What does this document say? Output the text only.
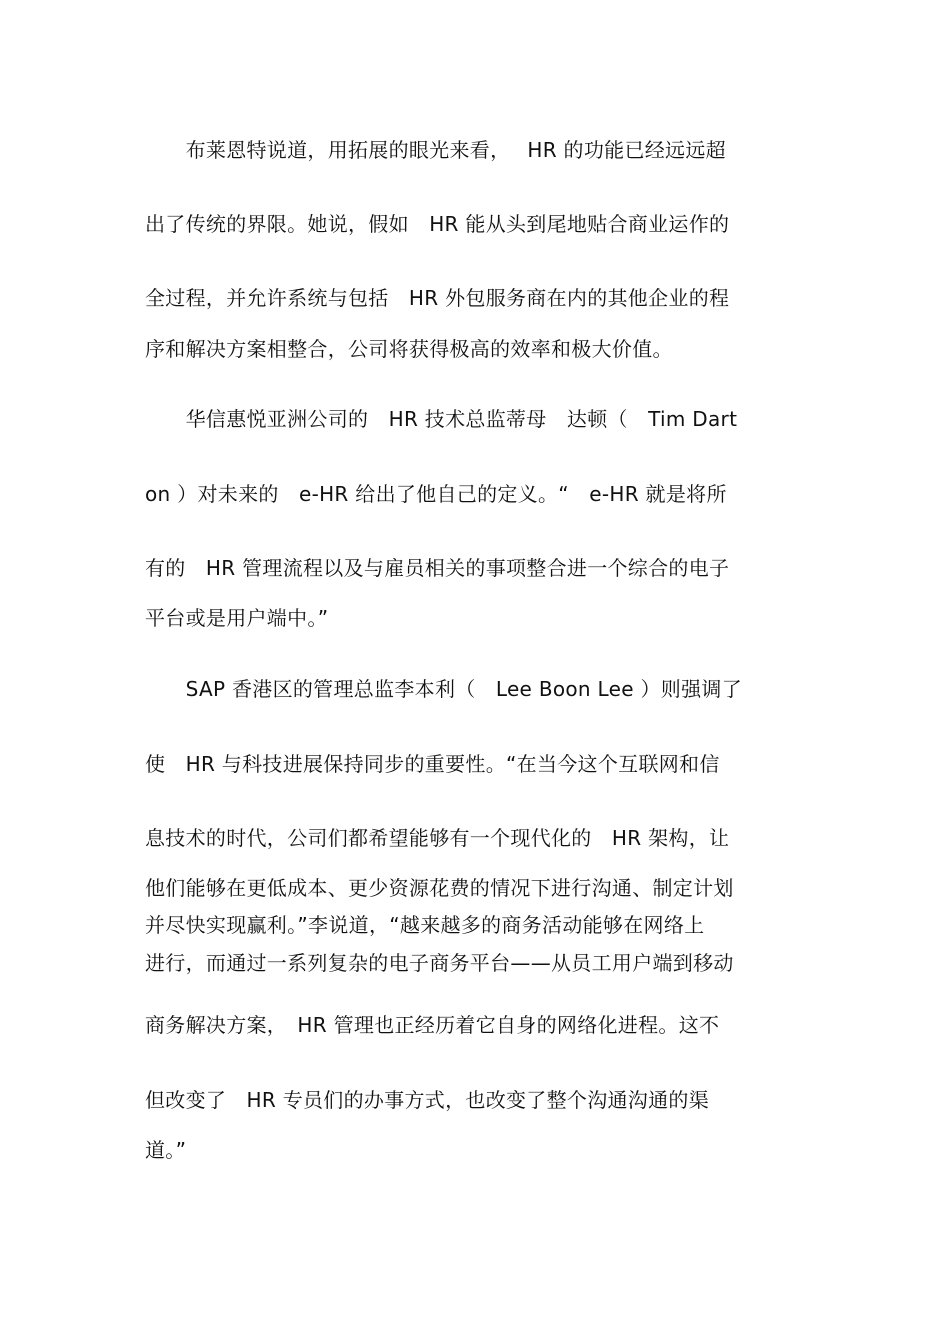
　　布莱恩特说道，用拓展的眼光来看，　 HR 的功能已经远远超
出了传统的界限。她说，假如　HR 能从头到尾地贴合商业运作的
全过程，并允许系统与包括　HR 外包服务商在内的其他企业的程
序和解决方案相整合，公司将获得极高的效率和极大价值。
　　华信惠悦亚洲公司的　HR 技术总监蒂母　达顿（　Tim Dart
on ）对未来的　e-HR 给出了他自己的定义。“　e-HR 就是将所
有的　HR 管理流程以及与雇员相关的事项整合进一个综合的电子
平台或是用户端中。”
　　SAP 香港区的管理总监李本利（　Lee Boon Lee ）则强调了
使　HR 与科技进展保持同步的重要性。“在当今这个互联网和信
息技术的时代，公司们都希望能够有一个现代化的　HR 架构，让
他们能够在更低成本、更少资源花费的情况下进行沟通、制定计划
并尽快实现赢利。”李说道，“越来越多的商务活动能够在网络上
进行，而通过一系列复杂的电子商务平台——从员工用户端到移动
商务解决方案，　HR 管理也正经历着它自身的网络化进程。这不
但改变了　HR 专员们的办事方式，也改变了整个沟通沟通的渠
道。”
